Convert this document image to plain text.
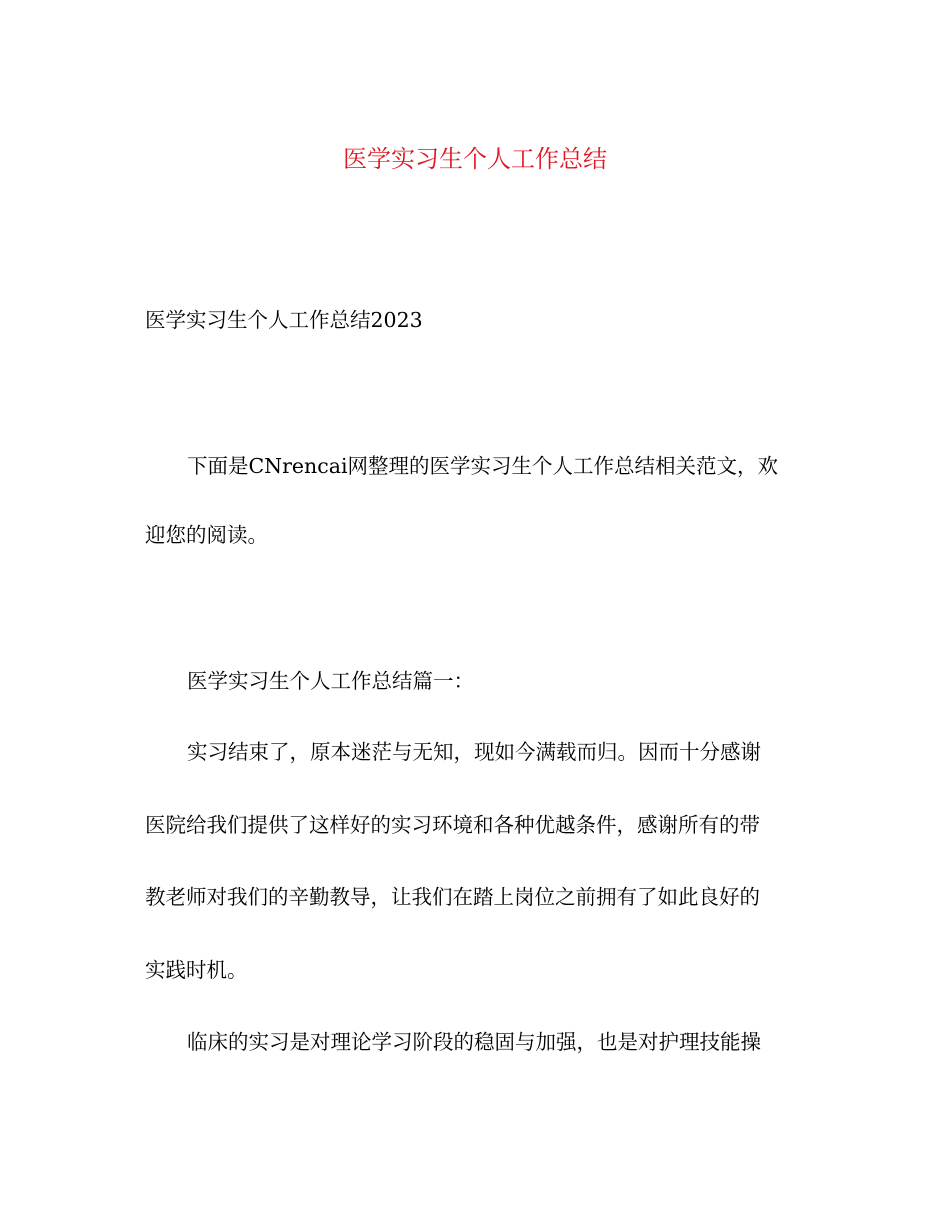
医学实习生个人工作总结

医学实习生个人工作总结2023

下面是CNrencai网整理的医学实习生个人工作总结相关范文，欢

迎您的阅读。

医学实习生个人工作总结篇一：

实习结束了，原本迷茫与无知，现如今满载而归。因而十分感谢

医院给我们提供了这样好的实习环境和各种优越条件，感谢所有的带

教老师对我们的辛勤教导，让我们在踏上岗位之前拥有了如此良好的

实践时机。

临床的实习是对理论学习阶段的稳固与加强，也是对护理技能操
